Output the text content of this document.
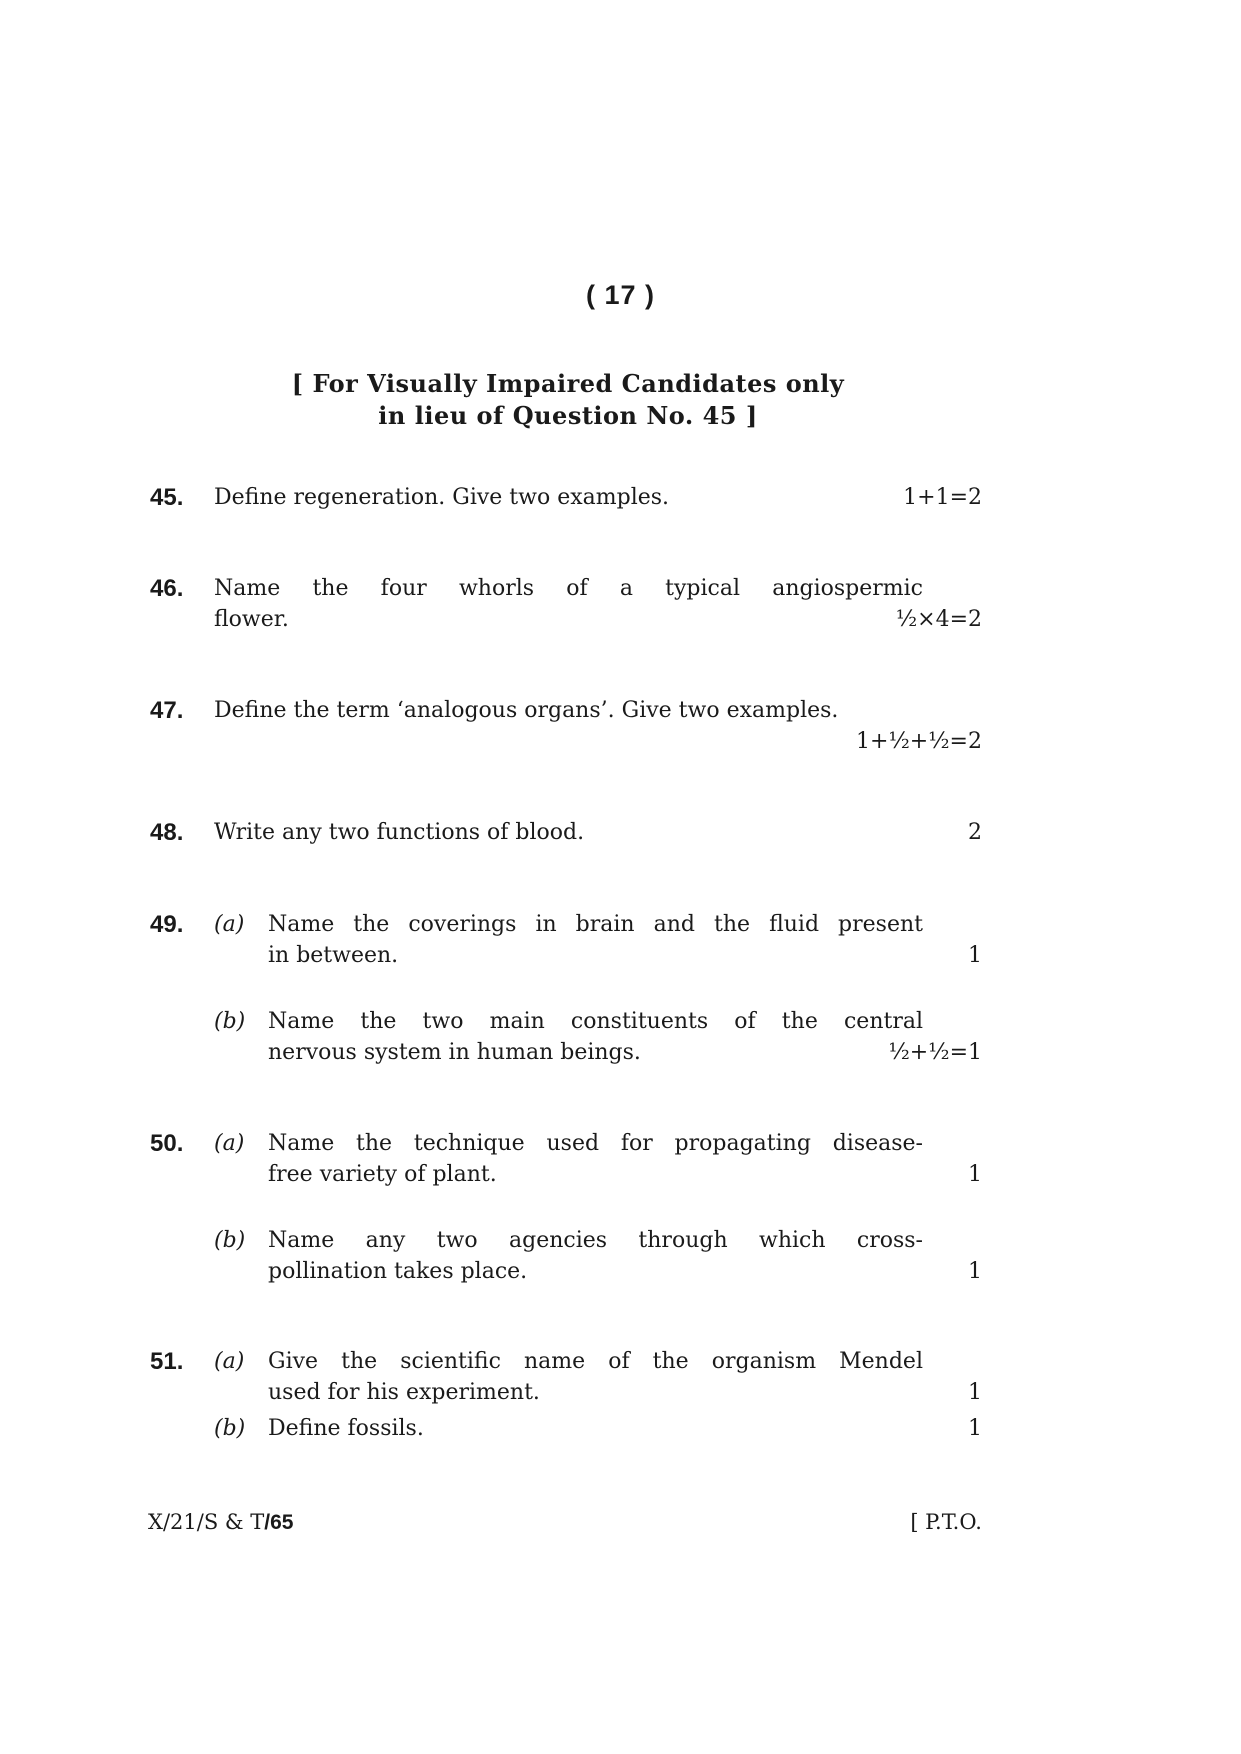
( 17 )
[ For Visually Impaired Candidates only
in lieu of Question No. 45 ]
45. Define regeneration. Give two examples.	1+1=2
46. Name the four whorls of a typical angiospermic
flower.	½×4=2
47. Define the term ‘analogous organs’. Give two examples.
1+½+½=2
48. Write any two functions of blood.	2
49. (a) Name the coverings in brain and the fluid present
in between.	1
(b) Name the two main constituents of the central
nervous system in human beings.	½+½=1
50. (a) Name the technique used for propagating disease-
free variety of plant.	1
(b) Name any two agencies through which cross-
pollination takes place.	1
51. (a) Give the scientific name of the organism Mendel
used for his experiment.	1
(b) Define fossils.	1
X/21/S & T/65	[ P.T.O.
